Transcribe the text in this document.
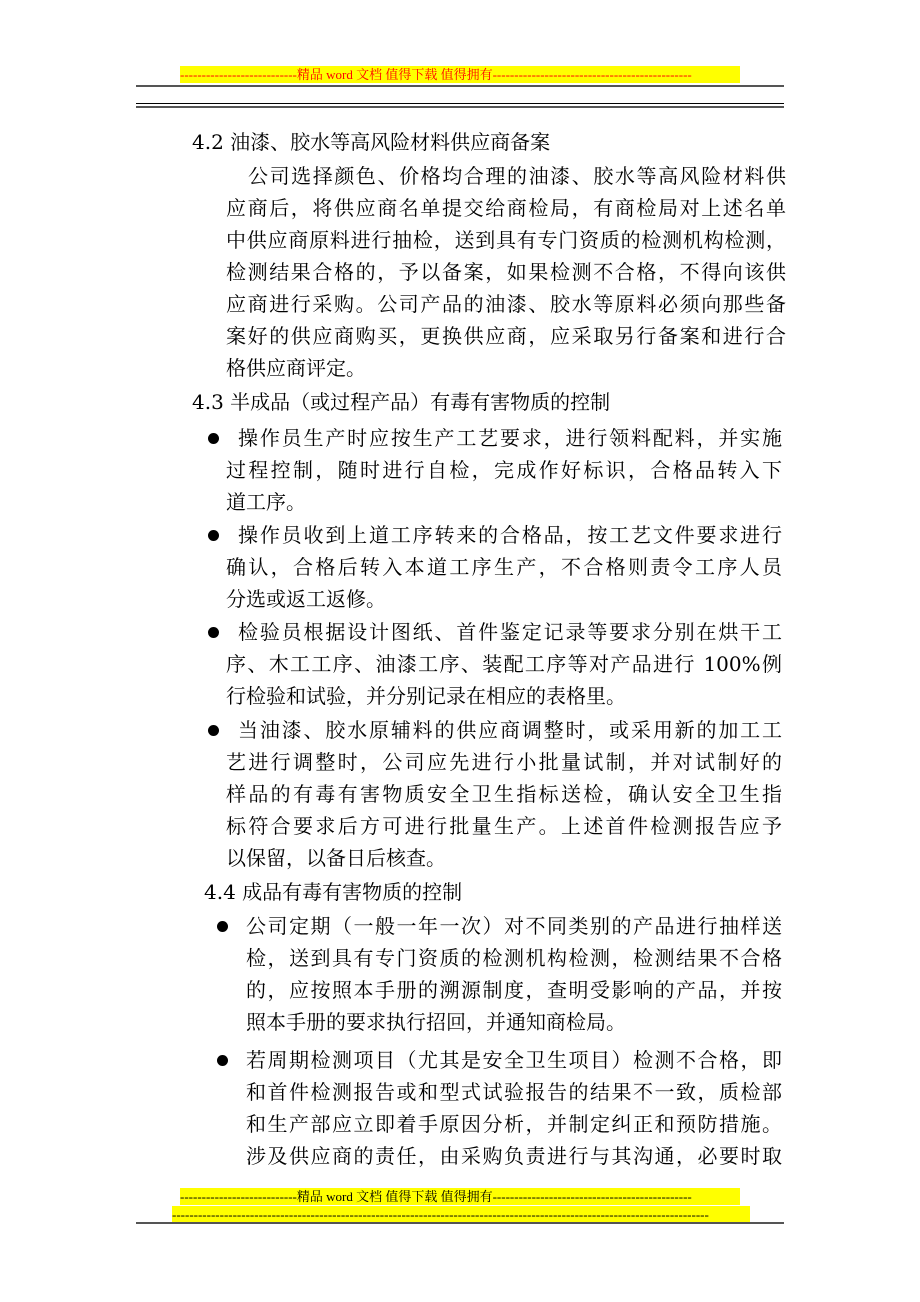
---------------------------精品 word 文档 值得下载 值得拥有----------------------------------------------
4.2 油漆、胶水等高风险材料供应商备案
公司选择颜色、价格均合理的油漆、胶水等高风险材料供
应商后，将供应商名单提交给商检局，有商检局对上述名单
中供应商原料进行抽检，送到具有专门资质的检测机构检测，
检测结果合格的，予以备案，如果检测不合格，不得向该供
应商进行采购。公司产品的油漆、胶水等原料必须向那些备
案好的供应商购买，更换供应商，应采取另行备案和进行合
格供应商评定。
4.3 半成品（或过程产品）有毒有害物质的控制
操作员生产时应按生产工艺要求，进行领料配料，并实施
过程控制，随时进行自检，完成作好标识，合格品转入下
道工序。
操作员收到上道工序转来的合格品，按工艺文件要求进行
确认，合格后转入本道工序生产，不合格则责令工序人员
分选或返工返修。
检验员根据设计图纸、首件鉴定记录等要求分别在烘干工
序、木工工序、油漆工序、装配工序等对产品进行 100%例
行检验和试验，并分别记录在相应的表格里。
当油漆、胶水原辅料的供应商调整时，或采用新的加工工
艺进行调整时，公司应先进行小批量试制，并对试制好的
样品的有毒有害物质安全卫生指标送检，确认安全卫生指
标符合要求后方可进行批量生产。上述首件检测报告应予
以保留，以备日后核查。
4.4 成品有毒有害物质的控制
公司定期（一般一年一次）对不同类别的产品进行抽样送
检，送到具有专门资质的检测机构检测，检测结果不合格
的，应按照本手册的溯源制度，查明受影响的产品，并按
照本手册的要求执行招回，并通知商检局。
若周期检测项目（尤其是安全卫生项目）检测不合格，即
和首件检测报告或和型式试验报告的结果不一致，质检部
和生产部应立即着手原因分析，并制定纠正和预防措施。
涉及供应商的责任，由采购负责进行与其沟通，必要时取
---------------------------精品 word 文档 值得下载 值得拥有----------------------------------------------
----------------------------------------------------------------------------------------------------------------------------
